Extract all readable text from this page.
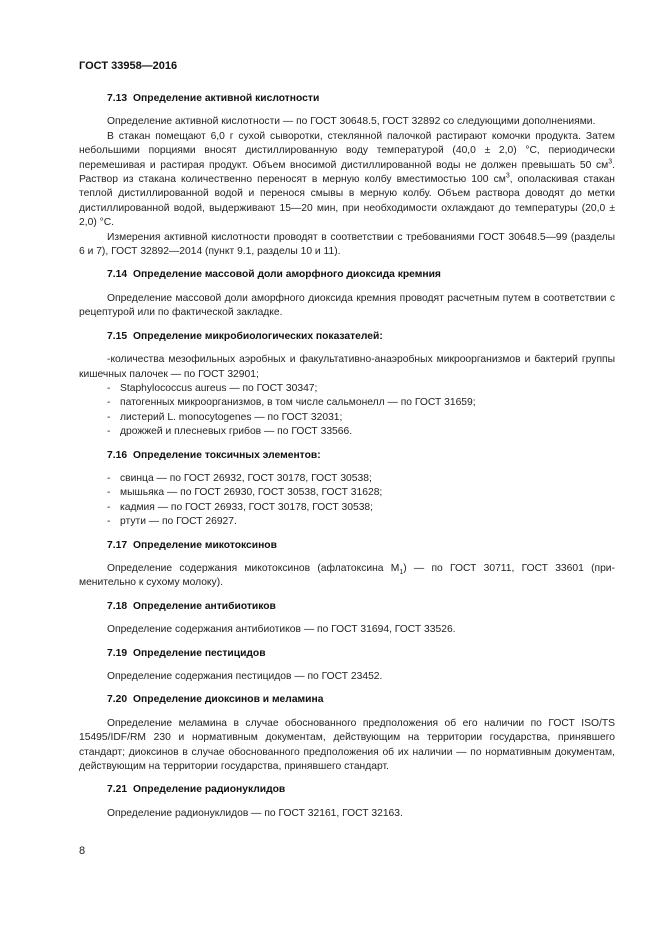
ГОСТ 33958—2016

7.13 Определение активной кислотности

Определение активной кислотности — по ГОСТ 30648.5, ГОСТ 32892 со следующими дополнениями.

В стакан помещают 6,0 г сухой сыворотки, стеклянной палочкой растирают комочки продукта. Затем небольшими порциями вносят дистиллированную воду температурой (40,0 ± 2,0) °С, периодически перемешивая и растирая продукт. Объем вносимой дистиллированной воды не должен превышать 50 $см^3$. Раствор из стакана количественно переносят в мерную колбу вместимостью 100 $см^3$, ополаскивая стакан теплой дистиллированной водой и перенося смывы в мерную колбу. Объем раствора доводят до метки дистиллированной водой, выдерживают 15—20 мин, при необходимости охлаждают до температуры (20,0 ± 2,0) °С.

Измерения активной кислотности проводят в соответствии с требованиями ГОСТ 30648.5—99 (разделы 6 и 7), ГОСТ 32892—2014 (пункт 9.1, разделы 10 и 11).

7.14 Определение массовой доли аморфного диоксида кремния

Определение массовой доли аморфного диоксида кремния проводят расчетным путем в соответствии с рецептурой или по фактической закладке.

7.15 Определение микробиологических показателей:

-количества мезофильных аэробных и факультативно-анаэробных микроорганизмов и бактерий группы кишечных палочек — по ГОСТ 32901;

- Staphylococcus aureus — по ГОСТ 30347;

- патогенных микроорганизмов, в том числе сальмонелл — по ГОСТ 31659;

- листерий L. monocytogenes — по ГОСТ 32031;

- дрожжей и плесневых грибов — по ГОСТ 33566.

7.16 Определение токсичных элементов:

- свинца — по ГОСТ 26932, ГОСТ 30178, ГОСТ 30538;

- мышьяка — по ГОСТ 26930, ГОСТ 30538, ГОСТ 31628;

- кадмия — по ГОСТ 26933, ГОСТ 30178, ГОСТ 30538;

- ртути — по ГОСТ 26927.

7.17 Определение микотоксинов

Определение содержания микотоксинов (афлатоксина $M_1$) — по ГОСТ 30711, ГОСТ 33601 (применительно к сухому молоку).

7.18 Определение антибиотиков

Определение содержания антибиотиков — по ГОСТ 31694, ГОСТ 33526.

7.19 Определение пестицидов

Определение содержания пестицидов — по ГОСТ 23452.

7.20 Определение диоксинов и меламина

Определение меламина в случае обоснованного предположения об его наличии по ГОСТ ISO/TS 15495/IDF/RM 230 и нормативным документам, действующим на территории государства, принявшего стандарт; диоксинов в случае обоснованного предположения об их наличии — по нормативным документам, действующим на территории государства, принявшего стандарт.

7.21 Определение радионуклидов

Определение радионуклидов — по ГОСТ 32161, ГОСТ 32163.

8
